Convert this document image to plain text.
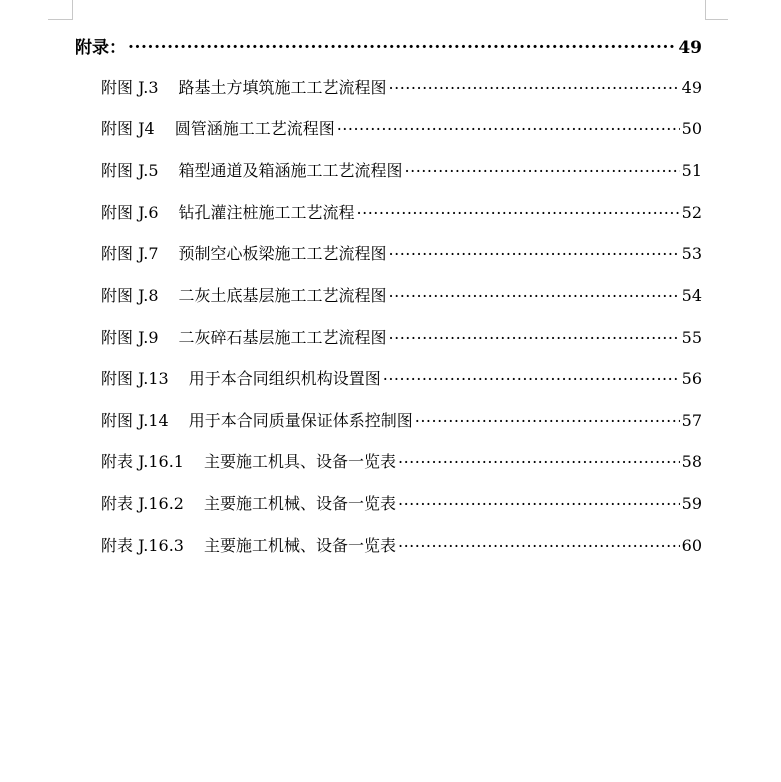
附录： .....	49
附图 J.3 路基土方填筑施工工艺流程图 .....	49
附图 J4 圆管涵施工工艺流程图 .....	50
附图 J.5 箱型通道及箱涵施工工艺流程图 .....	51
附图 J.6 钻孔灌注桩施工工艺流程 .....	52
附图 J.7 预制空心板梁施工工艺流程图 .....	53
附图 J.8 二灰土底基层施工工艺流程图 .....	54
附图 J.9 二灰碎石基层施工工艺流程图 .....	55
附图 J.13 用于本合同组织机构设置图 .....	56
附图 J.14 用于本合同质量保证体系控制图 .....	57
附表 J.16.1 主要施工机具、设备一览表 .....	58
附表 J.16.2 主要施工机械、设备一览表 .....	59
附表 J.16.3 主要施工机械、设备一览表 .....	60
